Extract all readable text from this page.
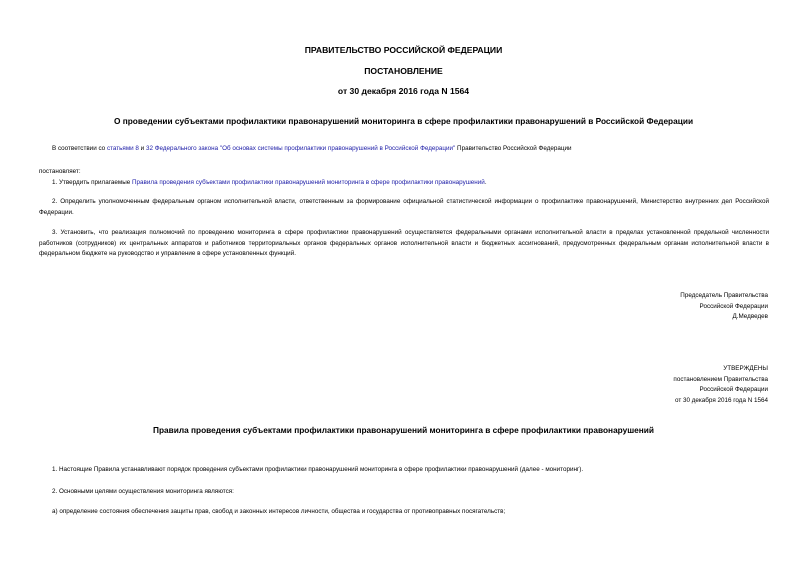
ПРАВИТЕЛЬСТВО РОССИЙСКОЙ ФЕДЕРАЦИИ
ПОСТАНОВЛЕНИЕ
от 30 декабря 2016 года N 1564
О проведении субъектами профилактики правонарушений мониторинга в сфере профилактики правонарушений в Российской Федерации
В соответствии со статьями 8 и 32 Федерального закона "Об основах системы профилактики правонарушений в Российской Федерации" Правительство Российской Федерации
постановляет:
1. Утвердить прилагаемые Правила проведения субъектами профилактики правонарушений мониторинга в сфере профилактики правонарушений.
2. Определить уполномоченным федеральным органом исполнительной власти, ответственным за формирование официальной статистической информации о профилактике правонарушений, Министерство внутренних дел Российской Федерации.
3. Установить, что реализация полномочий по проведению мониторинга в сфере профилактики правонарушений осуществляется федеральными органами исполнительной власти в пределах установленной предельной численности работников (сотрудников) их центральных аппаратов и работников территориальных органов федеральных органов исполнительной власти и бюджетных ассигнований, предусмотренных федеральным органам исполнительной власти в федеральном бюджете на руководство и управление в сфере установленных функций.
Председатель Правительства
Российской Федерации
Д.Медведев
УТВЕРЖДЕНЫ
постановлением Правительства
Российской Федерации
от 30 декабря 2016 года N 1564
Правила проведения субъектами профилактики правонарушений мониторинга в сфере профилактики правонарушений
1. Настоящие Правила устанавливают порядок проведения субъектами профилактики правонарушений мониторинга в сфере профилактики правонарушений (далее - мониторинг).
2. Основными целями осуществления мониторинга являются:
а) определение состояния обеспечения защиты прав, свобод и законных интересов личности, общества и государства от противоправных посягательств;
